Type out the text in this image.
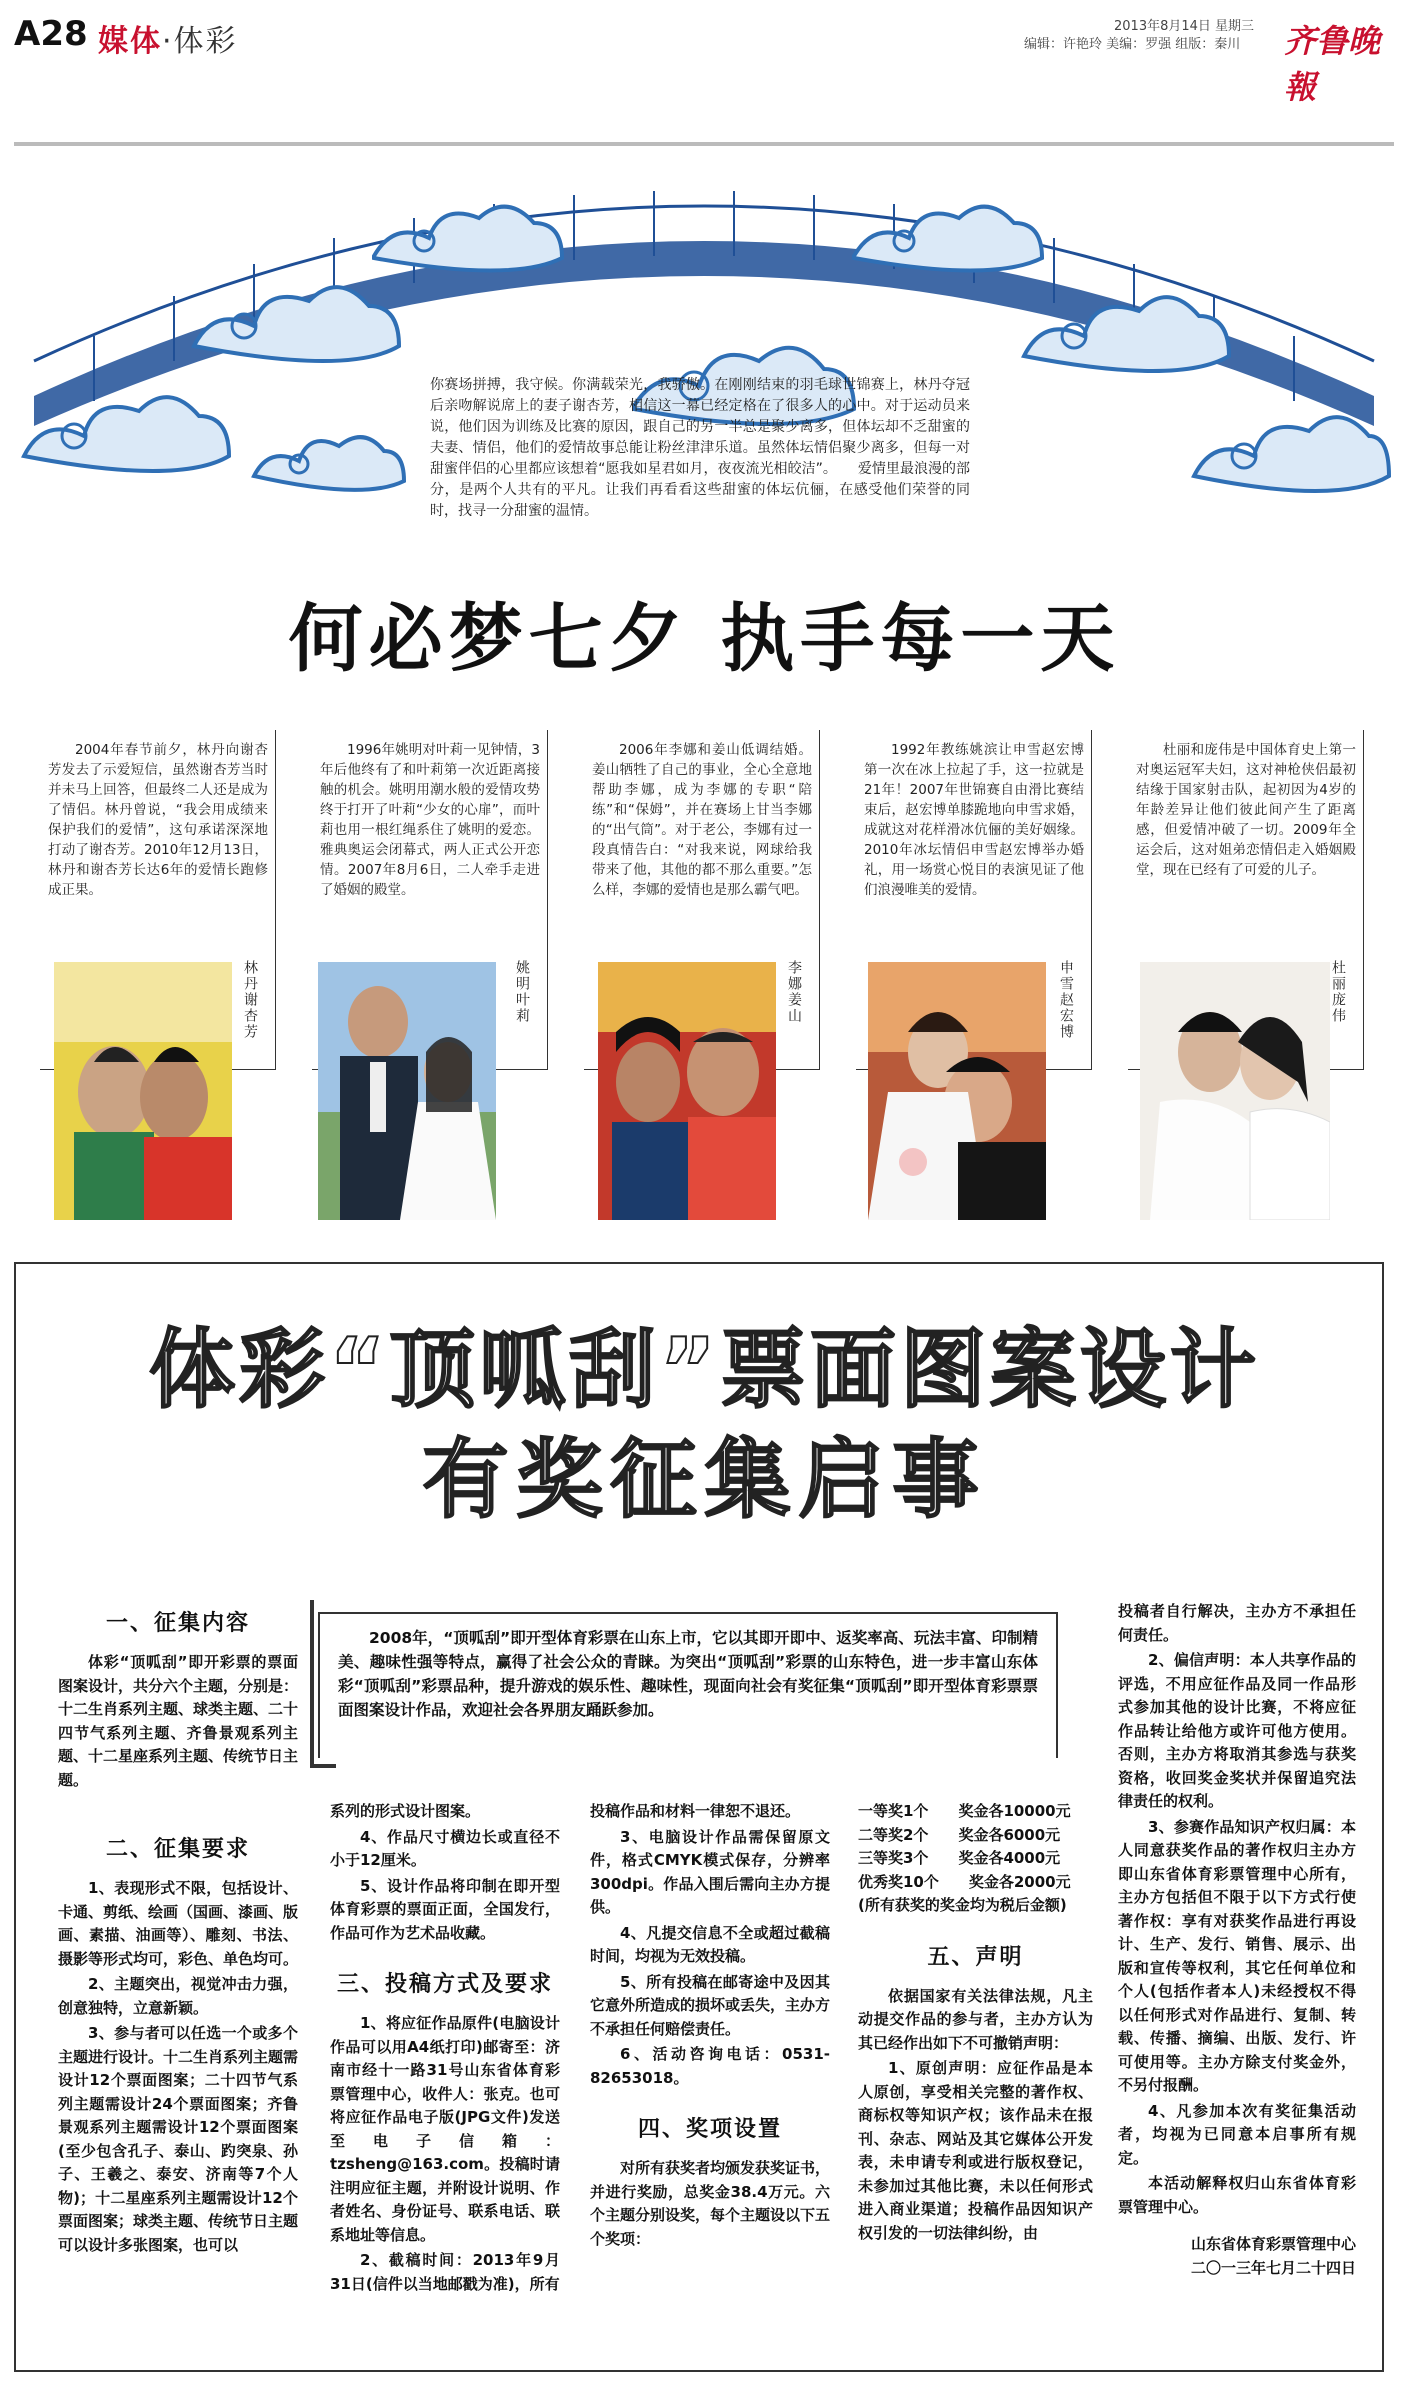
A28 媒体·体彩	2013年8月14日 星期三
编辑：许艳玲 美编：罗强 组版：秦川	齐鲁晚報
你赛场拼搏，我守候。你满载荣光，我骄傲。在刚刚结束的羽毛球世锦赛上，林丹夺冠后亲吻解说席上的妻子谢杏芳，相信这一幕已经定格在了很多人的心中。对于运动员来说，他们因为训练及比赛的原因，跟自己的另一半总是聚少离多，但体坛却不乏甜蜜的夫妻、情侣，他们的爱情故事总能让粉丝津津乐道。虽然体坛情侣聚少离多，但每一对甜蜜伴侣的心里都应该想着“愿我如星君如月，夜夜流光相皎洁”。　　爱情里最浪漫的部分，是两个人共有的平凡。让我们再看看这些甜蜜的体坛伉俪，在感受他们荣誉的同时，找寻一分甜蜜的温情。
何必梦七夕 执手每一天

2004年春节前夕，林丹向谢杏芳发去了示爱短信，虽然谢杏芳当时并未马上回答，但最终二人还是成为了情侣。林丹曾说，“我会用成绩来保护我们的爱情”，这句承诺深深地打动了谢杏芳。2010年12月13日，林丹和谢杏芳长达6年的爱情长跑修成正果。

1996年姚明对叶莉一见钟情，3年后他终有了和叶莉第一次近距离接触的机会。姚明用潮水般的爱情攻势终于打开了叶莉“少女的心扉”，而叶莉也用一根红绳系住了姚明的爱恋。雅典奥运会闭幕式，两人正式公开恋情。2007年8月6日，二人牵手走进了婚姻的殿堂。

2006年李娜和姜山低调结婚。姜山牺牲了自己的事业，全心全意地帮助李娜，成为李娜的专职“陪练”和“保姆”，并在赛场上甘当李娜的“出气筒”。对于老公，李娜有过一段真情告白：“对我来说，网球给我带来了他，其他的都不那么重要。”怎么样，李娜的爱情也是那么霸气吧。

1992年教练姚滨让申雪赵宏博第一次在冰上拉起了手，这一拉就是21年！2007年世锦赛自由滑比赛结束后，赵宏博单膝跪地向申雪求婚，成就这对花样滑冰伉俪的美好姻缘。2010年冰坛情侣申雪赵宏博举办婚礼，用一场赏心悦目的表演见证了他们浪漫唯美的爱情。

杜丽和庞伟是中国体育史上第一对奥运冠军夫妇，这对神枪侠侣最初结缘于国家射击队，起初因为4岁的年龄差异让他们彼此间产生了距离感，但爱情冲破了一切。2009年全运会后，这对姐弟恋情侣走入婚姻殿堂，现在已经有了可爱的儿子。

林丹谢杏芳	姚明叶莉	李娜姜山	申雪赵宏博	杜丽庞伟
体彩“顶呱刮”票面图案设计
有奖征集启事
2008年，“顶呱刮”即开型体育彩票在山东上市，它以其即开即中、返奖率高、玩法丰富、印制精美、趣味性强等特点，赢得了社会公众的青睐。为突出“顶呱刮”彩票的山东特色，进一步丰富山东体彩“顶呱刮”彩票品种，提升游戏的娱乐性、趣味性，现面向社会有奖征集“顶呱刮”即开型体育彩票票面图案设计作品，欢迎社会各界朋友踊跃参加。
一、征集内容

体彩“顶呱刮”即开彩票的票面图案设计，共分六个主题，分别是：十二生肖系列主题、球类主题、二十四节气系列主题、齐鲁景观系列主题、十二星座系列主题、传统节日主题。

二、征集要求

1、表现形式不限，包括设计、卡通、剪纸、绘画（国画、漆画、版画、素描、油画等）、雕刻、书法、摄影等形式均可，彩色、单色均可。

2、主题突出，视觉冲击力强，创意独特，立意新颖。

3、参与者可以任选一个或多个主题进行设计。十二生肖系列主题需设计12个票面图案；二十四节气系列主题需设计24个票面图案；齐鲁景观系列主题需设计12个票面图案(至少包含孔子、泰山、趵突泉、孙子、王羲之、泰安、济南等7个人物)；十二星座系列主题需设计12个票面图案；球类主题、传统节日主题可以设计多张图案，也可以

系列的形式设计图案。

4、作品尺寸横边长或直径不小于12厘米。

5、设计作品将印制在即开型体育彩票的票面正面，全国发行，作品可作为艺术品收藏。

三、投稿方式及要求

1、将应征作品原件(电脑设计作品可以用A4纸打印)邮寄至：济南市经十一路31号山东省体育彩票管理中心，收件人：张克。也可将应征作品电子版(JPG文件)发送至电子信箱：tzsheng@163.com。投稿时请注明应征主题，并附设计说明、作者姓名、身份证号、联系电话、联系地址等信息。

2、截稿时间：2013年9月31日(信件以当地邮戳为准)，所有

投稿作品和材料一律恕不退还。

3、电脑设计作品需保留原文件，格式CMYK模式保存，分辨率300dpi。作品入围后需向主办方提供。

4、凡提交信息不全或超过截稿时间，均视为无效投稿。

5、所有投稿在邮寄途中及因其它意外所造成的损坏或丢失，主办方不承担任何赔偿责任。

6、活动咨询电话：0531-82653018。

四、奖项设置

对所有获奖者均颁发获奖证书，并进行奖励，总奖金38.4万元。六个主题分别设奖，每个主题设以下五个奖项：

一等奖1个　　奖金各10000元
二等奖2个　　奖金各6000元
三等奖3个　　奖金各4000元
优秀奖10个　　奖金各2000元
(所有获奖的奖金均为税后金额)
五、声明

依据国家有关法律法规，凡主动提交作品的参与者，主办方认为其已经作出如下不可撤销声明：

1、原创声明：应征作品是本人原创，享受相关完整的著作权、商标权等知识产权；该作品未在报刊、杂志、网站及其它媒体公开发表，未申请专利或进行版权登记，未参加过其他比赛，未以任何形式进入商业渠道；投稿作品因知识产权引发的一切法律纠纷，由

投稿者自行解决，主办方不承担任何责任。

2、偏信声明：本人共享作品的评选，不用应征作品及同一作品形式参加其他的设计比赛，不将应征作品转让给他方或许可他方使用。否则，主办方将取消其参选与获奖资格，收回奖金奖状并保留追究法律责任的权利。

3、参赛作品知识产权归属：本人同意获奖作品的著作权归主办方即山东省体育彩票管理中心所有，主办方包括但不限于以下方式行使著作权：享有对获奖作品进行再设计、生产、发行、销售、展示、出版和宣传等权利，其它任何单位和个人(包括作者本人)未经授权不得以任何形式对作品进行、复制、转载、传播、摘编、出版、发行、许可使用等。主办方除支付奖金外，不另付报酬。

4、凡参加本次有奖征集活动者，均视为已同意本启事所有规定。

本活动解释权归山东省体育彩票管理中心。

山东省体育彩票管理中心
二〇一三年七月二十四日
